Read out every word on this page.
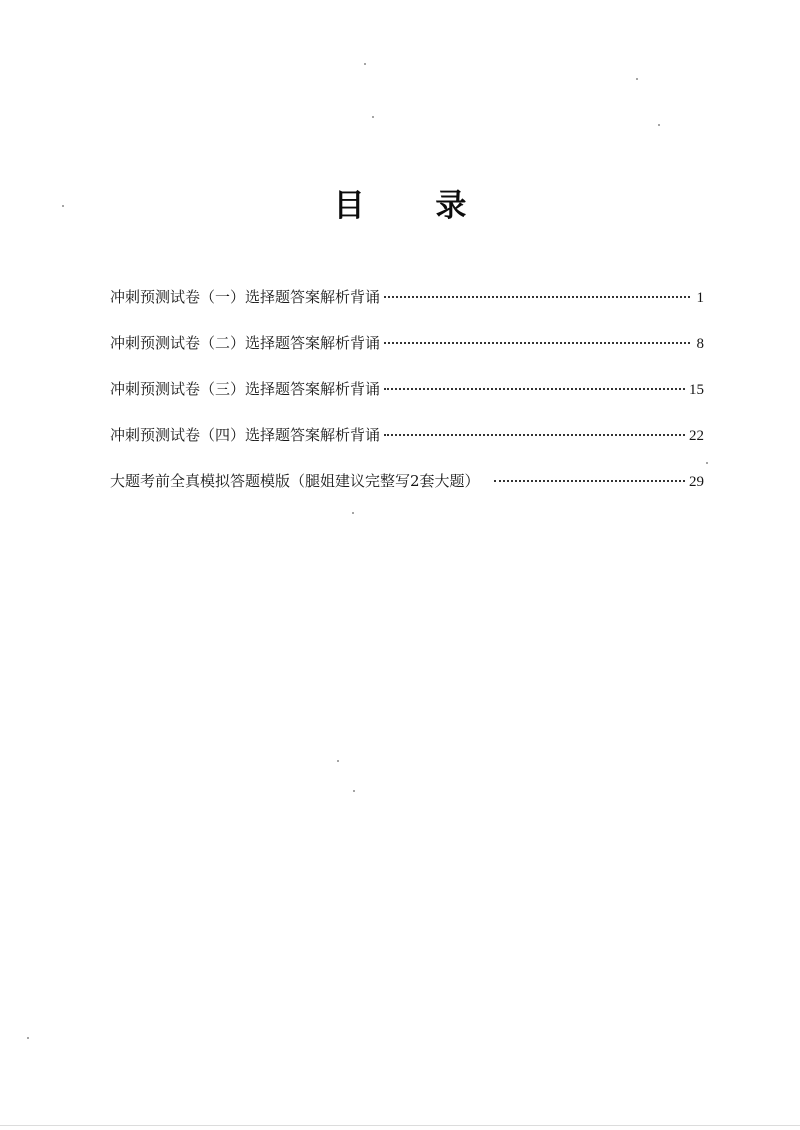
目 录
冲刺预测试卷（一）选择题答案解析背诵	1
冲刺预测试卷（二）选择题答案解析背诵	8
冲刺预测试卷（三）选择题答案解析背诵	15
冲刺预测试卷（四）选择题答案解析背诵	22
大题考前全真模拟答题模版（腿姐建议完整写2套大题）	29
